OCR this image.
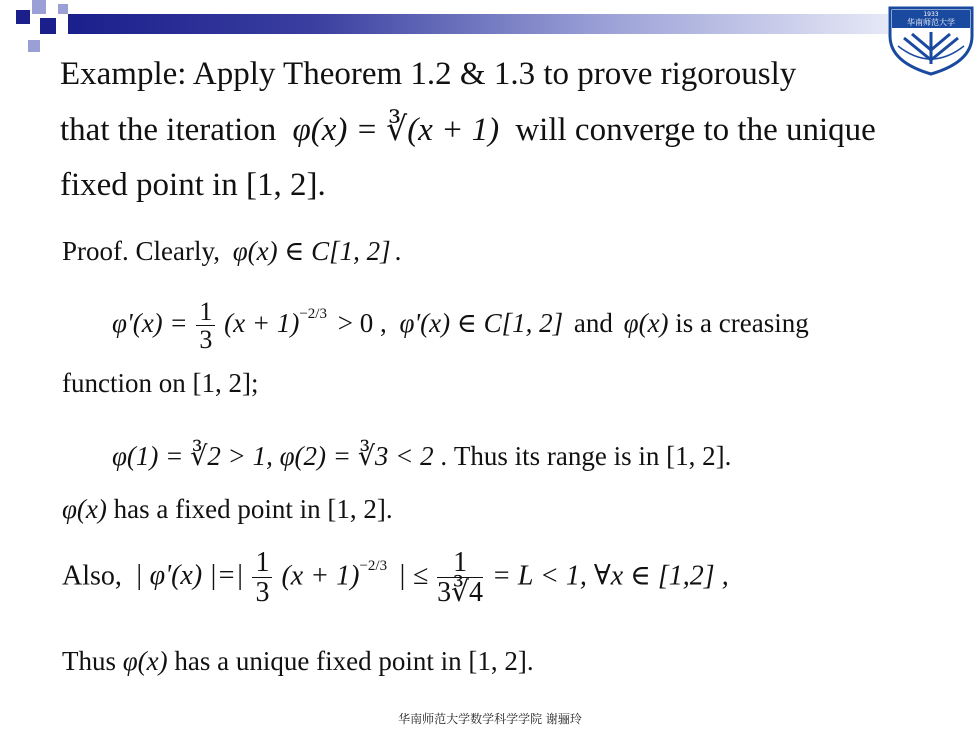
1933
华南师范大学
Example: Apply Theorem 1.2 & 1.3 to prove rigorously
that the iteration φ(x) = ∛(x + 1) will converge to the unique
fixed point in [1, 2].
Proof. Clearly, φ(x) ∈ C[1, 2] .
$\varphi'(x) = \frac{1}{3} (x + 1)^{-2/3} > 0$ , φ'(x) ∈ C[1, 2] and φ(x) is a creasing
function on [1, 2];
φ(1) = ∛2 > 1, φ(2) = ∛3 < 2 . Thus its range is in [1, 2].
φ(x) has a fixed point in [1, 2].
Also, | φ'(x) |=| $\frac{1}{3} (x + 1)^{-2/3}$ | ≤ $\frac{1}{3∛4} = L < 1$, ∀x ∈ [1,2] ,
Thus φ(x) has a unique fixed point in [1, 2].
华南师范大学数学科学学院 谢骊玲
